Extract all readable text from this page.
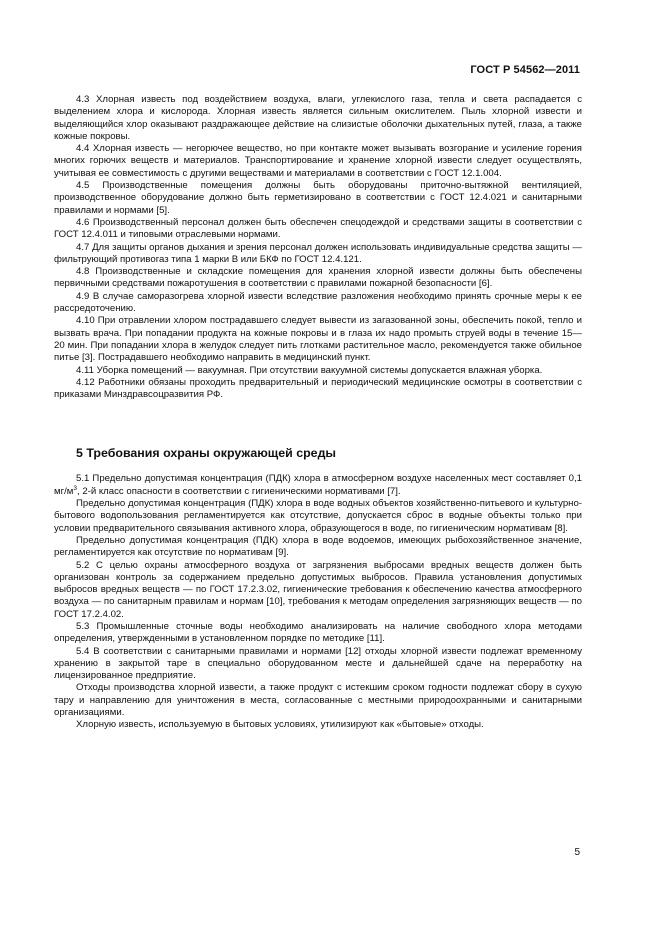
ГОСТ Р 54562—2011

4.3 Хлорная известь под воздействием воздуха, влаги, углекислого газа, тепла и света распадается с выделением хлора и кислорода. Хлорная известь является сильным окислителем. Пыль хлорной извести и выделяющийся хлор оказывают раздражающее действие на слизистые оболочки дыхательных путей, глаза, а также кожные покровы.

4.4 Хлорная известь — негорючее вещество, но при контакте может вызывать возгорание и усиление горения многих горючих веществ и материалов. Транспортирование и хранение хлорной извести следует осуществлять, учитывая ее совместимость с другими веществами и материалами в соответствии с ГОСТ 12.1.004.

4.5 Производственные помещения должны быть оборудованы приточно-вытяжной вентиляцией, производственное оборудование должно быть герметизировано в соответствии с ГОСТ 12.4.021 и санитарными правилами и нормами [5].

4.6 Производственный персонал должен быть обеспечен спецодеждой и средствами защиты в соответствии с ГОСТ 12.4.011 и типовыми отраслевыми нормами.

4.7 Для защиты органов дыхания и зрения персонал должен использовать индивидуальные средства защиты — фильтрующий противогаз типа 1 марки В или БКФ по ГОСТ 12.4.121.

4.8 Производственные и складские помещения для хранения хлорной извести должны быть обеспечены первичными средствами пожаротушения в соответствии с правилами пожарной безопасности [6].

4.9 В случае саморазогрева хлорной извести вследствие разложения необходимо принять срочные меры к ее рассредоточению.

4.10 При отравлении хлором пострадавшего следует вывести из загазованной зоны, обеспечить покой, тепло и вызвать врача. При попадании продукта на кожные покровы и в глаза их надо промыть струей воды в течение 15—20 мин. При попадании хлора в желудок следует пить глотками растительное масло, рекомендуется также обильное питье [3]. Пострадавшего необходимо направить в медицинский пункт.

4.11 Уборка помещений — вакуумная. При отсутствии вакуумной системы допускается влажная уборка.

4.12 Работники обязаны проходить предварительный и периодический медицинские осмотры в соответствии с приказами Минздравсоцразвития РФ.

5 Требования охраны окружающей среды

5.1 Предельно допустимая концентрация (ПДК) хлора в атмосферном воздухе населенных мест составляет 0,1 $мг/м^3$, 2-й класс опасности в соответствии с гигиеническими нормативами [7].

Предельно допустимая концентрация (ПДК) хлора в воде водных объектов хозяйственно-питьевого и культурно-бытового водопользования регламентируется как отсутствие, допускается сброс в водные объекты только при условии предварительного связывания активного хлора, образующегося в воде, по гигиеническим нормативам [8].

Предельно допустимая концентрация (ПДК) хлора в воде водоемов, имеющих рыбохозяйственное значение, регламентируется как отсутствие по нормативам [9].

5.2 С целью охраны атмосферного воздуха от загрязнения выбросами вредных веществ должен быть организован контроль за содержанием предельно допустимых выбросов. Правила установления допустимых выбросов вредных веществ — по ГОСТ 17.2.3.02, гигиенические требования к обеспечению качества атмосферного воздуха — по санитарным правилам и нормам [10], требования к методам определения загрязняющих веществ — по ГОСТ 17.2.4.02.

5.3 Промышленные сточные воды необходимо анализировать на наличие свободного хлора методами определения, утвержденными в установленном порядке по методике [11].

5.4 В соответствии с санитарными правилами и нормами [12] отходы хлорной извести подлежат временному хранению в закрытой таре в специально оборудованном месте и дальнейшей сдаче на переработку на лицензированное предприятие.

Отходы производства хлорной извести, а также продукт с истекшим сроком годности подлежат сбору в сухую тару и направлению для уничтожения в места, согласованные с местными природоохранными и санитарными организациями.

Хлорную известь, используемую в бытовых условиях, утилизируют как «бытовые» отходы.

5
